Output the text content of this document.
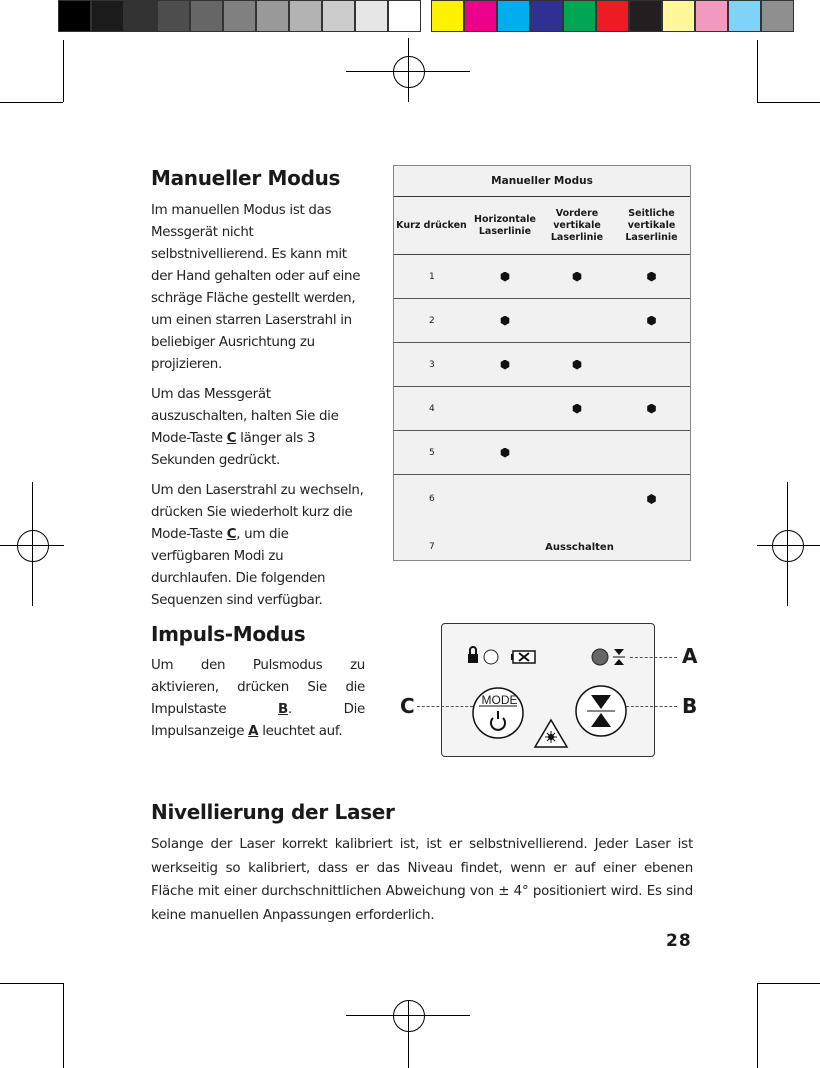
Manueller Modus

Im manuellen Modus ist das Messgerät nicht selbstnivellierend. Es kann mit der Hand gehalten oder auf eine schräge Fläche gestellt werden, um einen starren Laserstrahl in beliebiger Ausrichtung zu projizieren.

Um das Messgerät auszuschalten, halten Sie die Mode-Taste C länger als 3 Sekunden gedrückt.

Um den Laserstrahl zu wechseln, drücken Sie wiederholt kurz die Mode-Taste C, um die verfügbaren Modi zu durchlaufen. Die folgenden Sequenzen sind verfügbar.

Manueller Modus
Kurz drücken
Horizontale Laserlinie
Vordere vertikale Laserlinie
Seitliche vertikale Laserlinie
1
2
3
4
5
6
7	Ausschalten
Impuls-Modus
Um den Pulsmodus zu aktivieren, drücken Sie die Impulstaste B. Die Impulsanzeige A leuchtet auf.
MODE
A
B
C
Nivellierung der Laser
Solange der Laser korrekt kalibriert ist, ist er selbstnivellierend. Jeder Laser ist werkseitig so kalibriert, dass er das Niveau findet, wenn er auf einer ebenen Fläche mit einer durchschnittlichen Abweichung von ± 4° positioniert wird. Es sind keine manuellen Anpassungen erforderlich.
28
